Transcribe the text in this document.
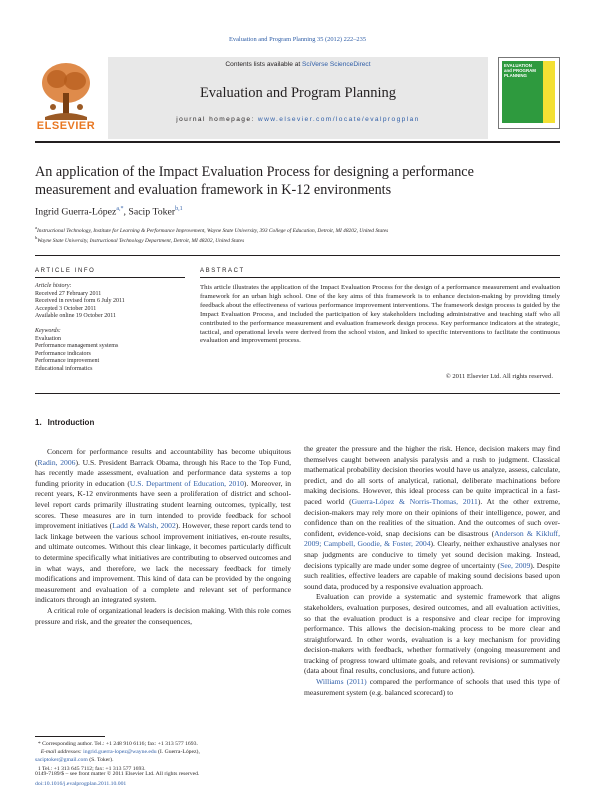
Evaluation and Program Planning 35 (2012) 222–235
ELSEVIER
Contents lists available at SciVerse ScienceDirect
Evaluation and Program Planning
journal homepage: www.elsevier.com/locate/evalprogplan
EVALUATION
and PROGRAM PLANNING
An application of the Impact Evaluation Process for designing a performance
measurement and evaluation framework in K-12 environments
Ingrid Guerra-López$^{a,*}$, Sacip Toker$^{b,1}$
$^a$Instructional Technology, Institute for Learning & Performance Improvement, Wayne State University, 393 College of Education, Detroit, MI 48202, United States
$^b$Wayne State University, Instructional Technology Department, Detroit, MI 48202, United States
ARTICLE INFO
Article history:
Received 27 February 2011
Received in revised form 6 July 2011
Accepted 3 October 2011
Available online 19 October 2011
Keywords:
Evaluation
Performance management systems
Performance indicators
Performance improvement
Educational informatics
ABSTRACT
This article illustrates the application of the Impact Evaluation Process for the design of a performance measurement and evaluation framework for an urban high school. One of the key aims of this framework is to enhance decision-making by providing timely feedback about the effectiveness of various performance improvement interventions. The framework design process is guided by the Impact Evaluation Process, and included the participation of key stakeholders including administrative and teaching staff who all contributed to the performance measurement and evaluation framework design process. Key performance indicators at the strategic, tactical, and operational levels were derived from the school vision, and linked to specific interventions to facilitate the continuous evaluation and improvement process.
© 2011 Elsevier Ltd. All rights reserved.
1. Introduction

Concern for performance results and accountability has become ubiquitous (Radin, 2006). U.S. President Barrack Obama, through his Race to the Top Fund, has recently made assessment, evaluation and performance data systems a top funding priority in education (U.S. Department of Education, 2010). Moreover, in recent years, K-12 environments have seen a proliferation of district and school-level report cards primarily illustrating student learning outcomes, typically, test scores. These measures are in turn intended to provide feedback for school improvement initiatives (Ladd & Walsh, 2002). However, these report cards tend to lack linkage between the various school improvement initiatives, en-route results, and ultimate outcomes. Without this clear linkage, it becomes particularly difficult to determine specifically what initiatives are contributing to observed outcomes and in what ways, and therefore, we lack the necessary feedback for timely modifications and improvement. This kind of data can be provided by the ongoing measurement and evaluation of a complete and relevant set of performance indicators through an integrated system.

A critical role of organizational leaders is decision making. With this role comes pressure and risk, and the greater the consequences,

the greater the pressure and the higher the risk. Hence, decision makers may find themselves caught between analysis paralysis and a rush to judgment. Classical mathematical probability decision theories would have us analyze, assess, calculate, predict, and do all sorts of analytical, rational, deliberate machinations before making decisions. However, this ideal process can be quite impractical in a fast-paced world (Guerra-López & Norris-Thomas, 2011). At the other extreme, decision-makers may rely more on their opinions of their intelligence, power, and confidence than on the realities of the situation. And the outcomes of such over-confident, evidence-void, snap decisions can be disastrous (Anderson & Kikluff, 2009; Campbell, Goodie, & Foster, 2004). Clearly, neither exhaustive analyses nor snap judgments are conducive to timely yet sound decision making. Instead, decisions typically are made under some degree of uncertainty (See, 2009). Despite such realities, effective leaders are capable of making sound decisions based upon sound data, produced by a responsive evaluation approach.

Evaluation can provide a systematic and systemic framework that aligns stakeholders, evaluation purposes, desired outcomes, and all evaluation activities, so that the evaluation product is a responsive and clear recipe for improving performance. This allows the decision-making process to be more clear and straightforward. In other words, evaluation is a key mechanism for providing decision-makers with feedback, whether formatively (ongoing measurement and tracking of progress toward ultimate goals, and relevant revisions) or summatively (data about final results, conclusions, and future action).

Williams (2011) compared the performance of schools that used this type of measurement system (e.g. balanced scorecard) to

* Corresponding author. Tel.: +1 248 910 6116; fax: +1 313 577 1693.

E-mail addresses: ingrid.guerra-lopez@wayne.edu (I. Guerra-López),
saciptoker@gmail.com (S. Toker).

1 Tel.: +1 313 645 7112; fax: +1 313 577 1693.

0149-7189/$ – see front matter © 2011 Elsevier Ltd. All rights reserved.
doi:10.1016/j.evalprogplan.2011.10.001
